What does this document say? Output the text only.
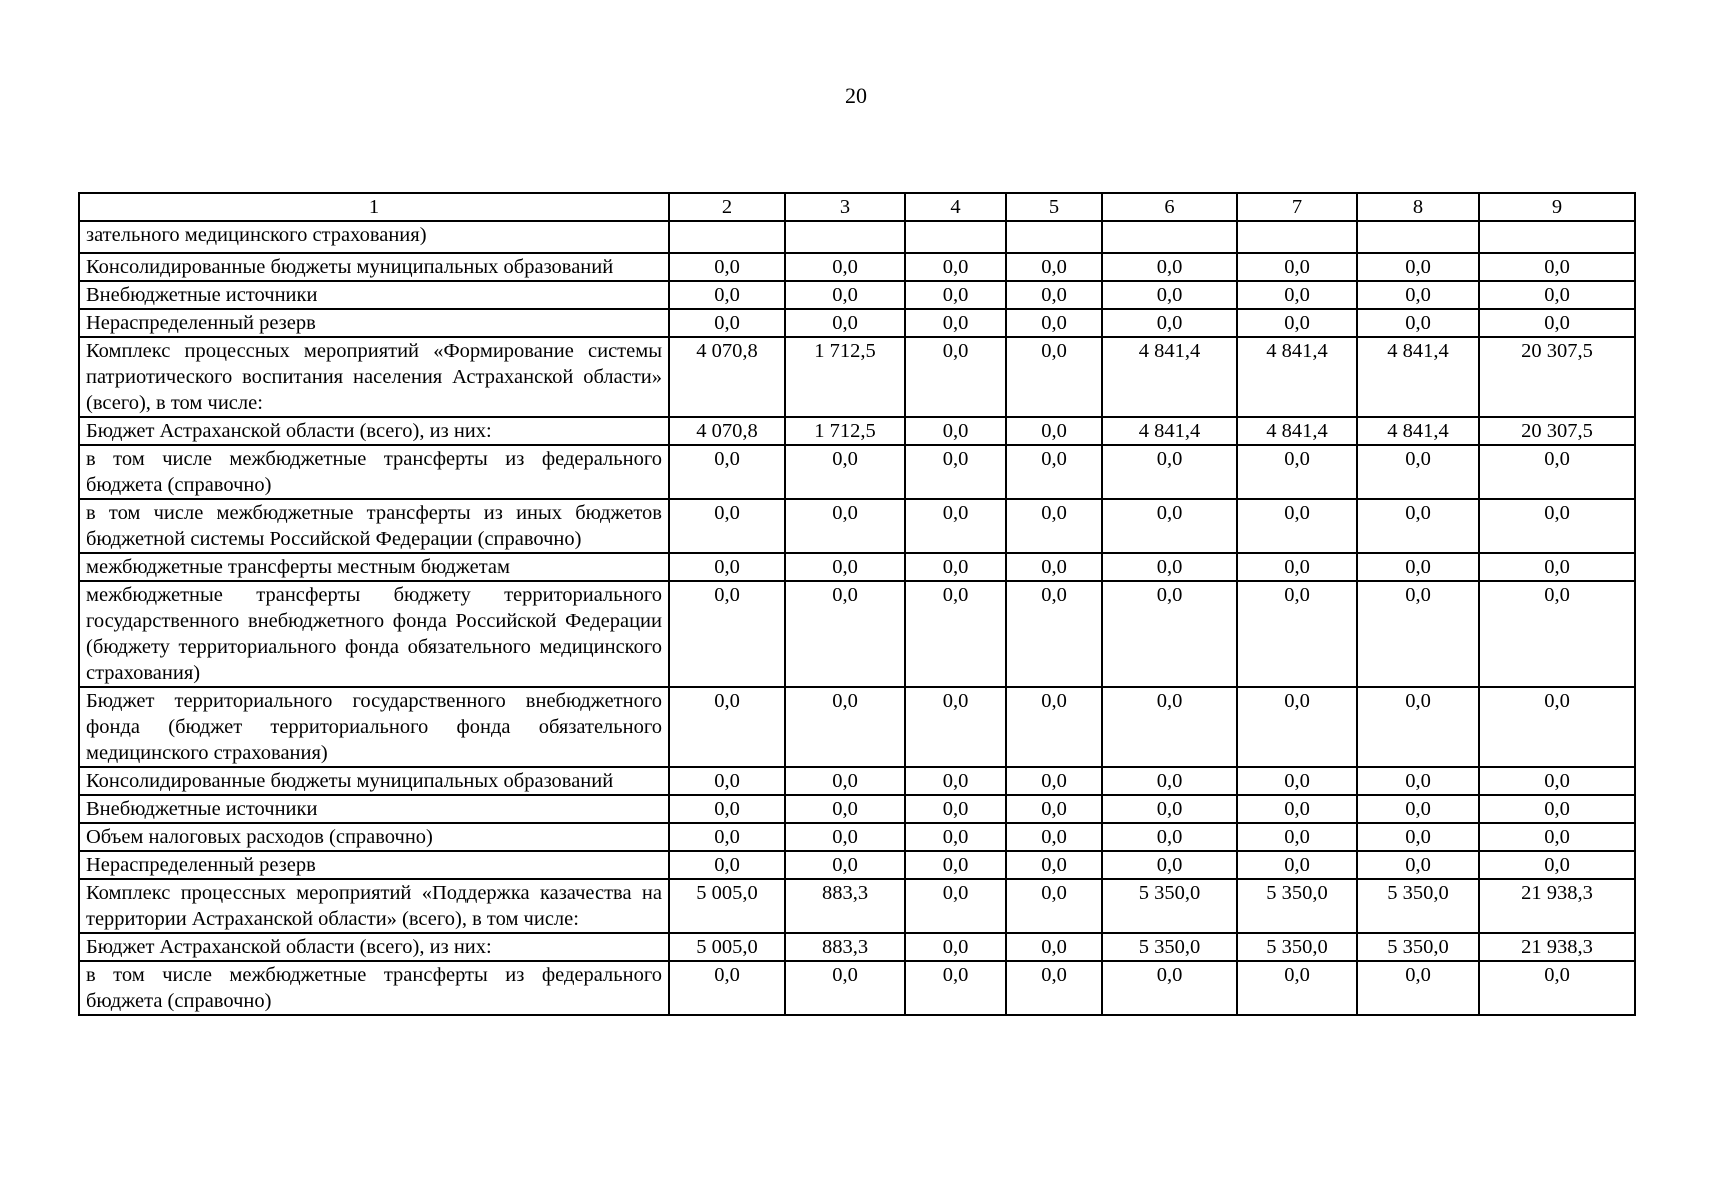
20
1	2	3	4	5	6	7	8	9
зательного медицинского страхования)								
Консолидированные бюджеты муниципальных образований	0,0	0,0	0,0	0,0	0,0	0,0	0,0	0,0
Внебюджетные источники	0,0	0,0	0,0	0,0	0,0	0,0	0,0	0,0
Нераспределенный резерв	0,0	0,0	0,0	0,0	0,0	0,0	0,0	0,0
Комплекс процессных мероприятий «Формирование системы патриотического воспитания населения Астраханской области» (всего), в том числе:	4 070,8	1 712,5	0,0	0,0	4 841,4	4 841,4	4 841,4	20 307,5
Бюджет Астраханской области (всего), из них:	4 070,8	1 712,5	0,0	0,0	4 841,4	4 841,4	4 841,4	20 307,5
в том числе межбюджетные трансферты из федерального бюджета (справочно)	0,0	0,0	0,0	0,0	0,0	0,0	0,0	0,0
в том числе межбюджетные трансферты из иных бюджетов бюджетной системы Российской Федерации (справочно)	0,0	0,0	0,0	0,0	0,0	0,0	0,0	0,0
межбюджетные трансферты местным бюджетам	0,0	0,0	0,0	0,0	0,0	0,0	0,0	0,0
межбюджетные трансферты бюджету территориального государственного внебюджетного фонда Российской Федерации (бюджету территориального фонда обязательного медицинского страхования)	0,0	0,0	0,0	0,0	0,0	0,0	0,0	0,0
Бюджет территориального государственного внебюджетного фонда (бюджет территориального фонда обязательного медицинского страхования)	0,0	0,0	0,0	0,0	0,0	0,0	0,0	0,0
Консолидированные бюджеты муниципальных образований	0,0	0,0	0,0	0,0	0,0	0,0	0,0	0,0
Внебюджетные источники	0,0	0,0	0,0	0,0	0,0	0,0	0,0	0,0
Объем налоговых расходов (справочно)	0,0	0,0	0,0	0,0	0,0	0,0	0,0	0,0
Нераспределенный резерв	0,0	0,0	0,0	0,0	0,0	0,0	0,0	0,0
Комплекс процессных мероприятий «Поддержка казачества на территории Астраханской области» (всего), в том числе:	5 005,0	883,3	0,0	0,0	5 350,0	5 350,0	5 350,0	21 938,3
Бюджет Астраханской области (всего), из них:	5 005,0	883,3	0,0	0,0	5 350,0	5 350,0	5 350,0	21 938,3
в том числе межбюджетные трансферты из федерального бюджета (справочно)	0,0	0,0	0,0	0,0	0,0	0,0	0,0	0,0
